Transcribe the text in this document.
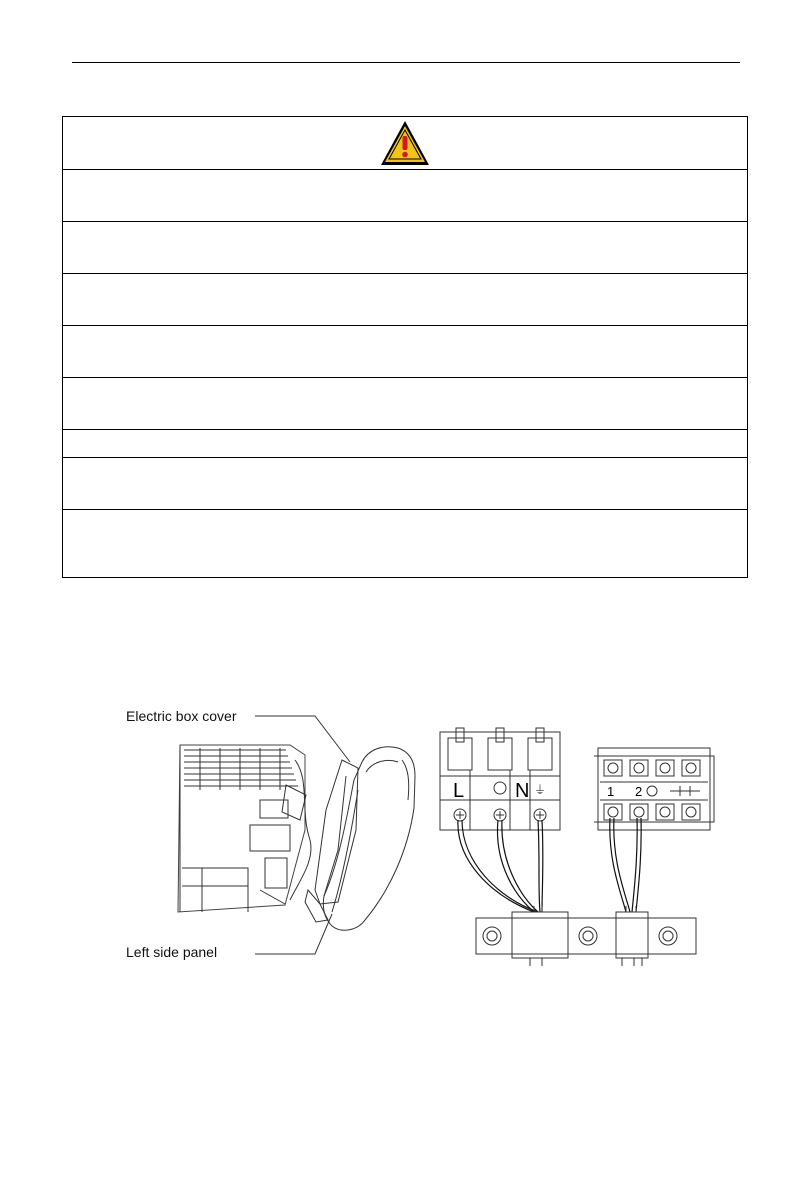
Electric box cover
Left side panel
L	N ⏚	1 2
